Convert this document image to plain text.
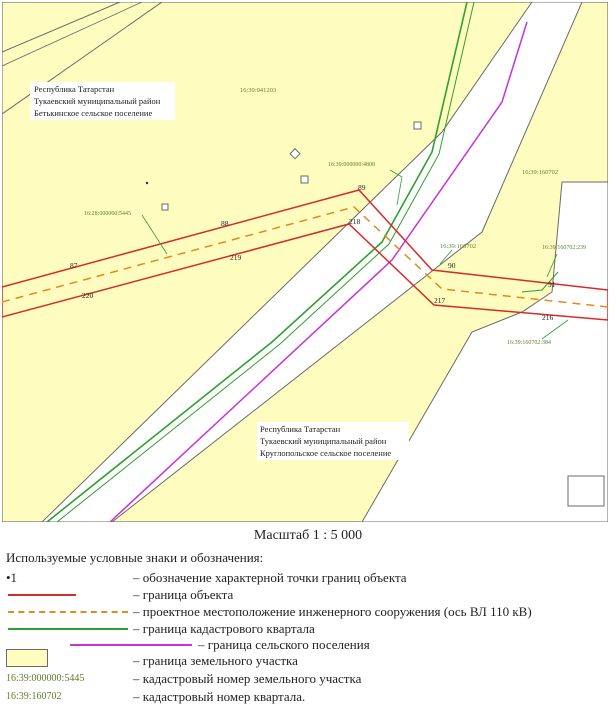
Республика Татарстан
Тукаевский муниципальный район
Бетькинское сельское поселение
Республика Татарстан
Тукаевский муниципальный район
Круглопольское сельское поселение
16:39:941203
16:39:000000:4808
16:39:160702
16:28:000000:5445
16:39:160702	16:39:160702:239
16:39:160702:384
87
88
89
218
219
220
90
91
217
216
Масштаб 1 : 5 000
Используемые условные знаки и обозначения:
•1	– обозначение характерной точки границ объекта
– граница объекта
– проектное местоположение инженерного сооружения (ось ВЛ 110 кВ)
– граница кадастрового квартала
– граница сельского поселения
– граница земельного участка
16:39:000000:5445	– кадастровый номер земельного участка
16:39:160702	– кадастровый номер квартала.
